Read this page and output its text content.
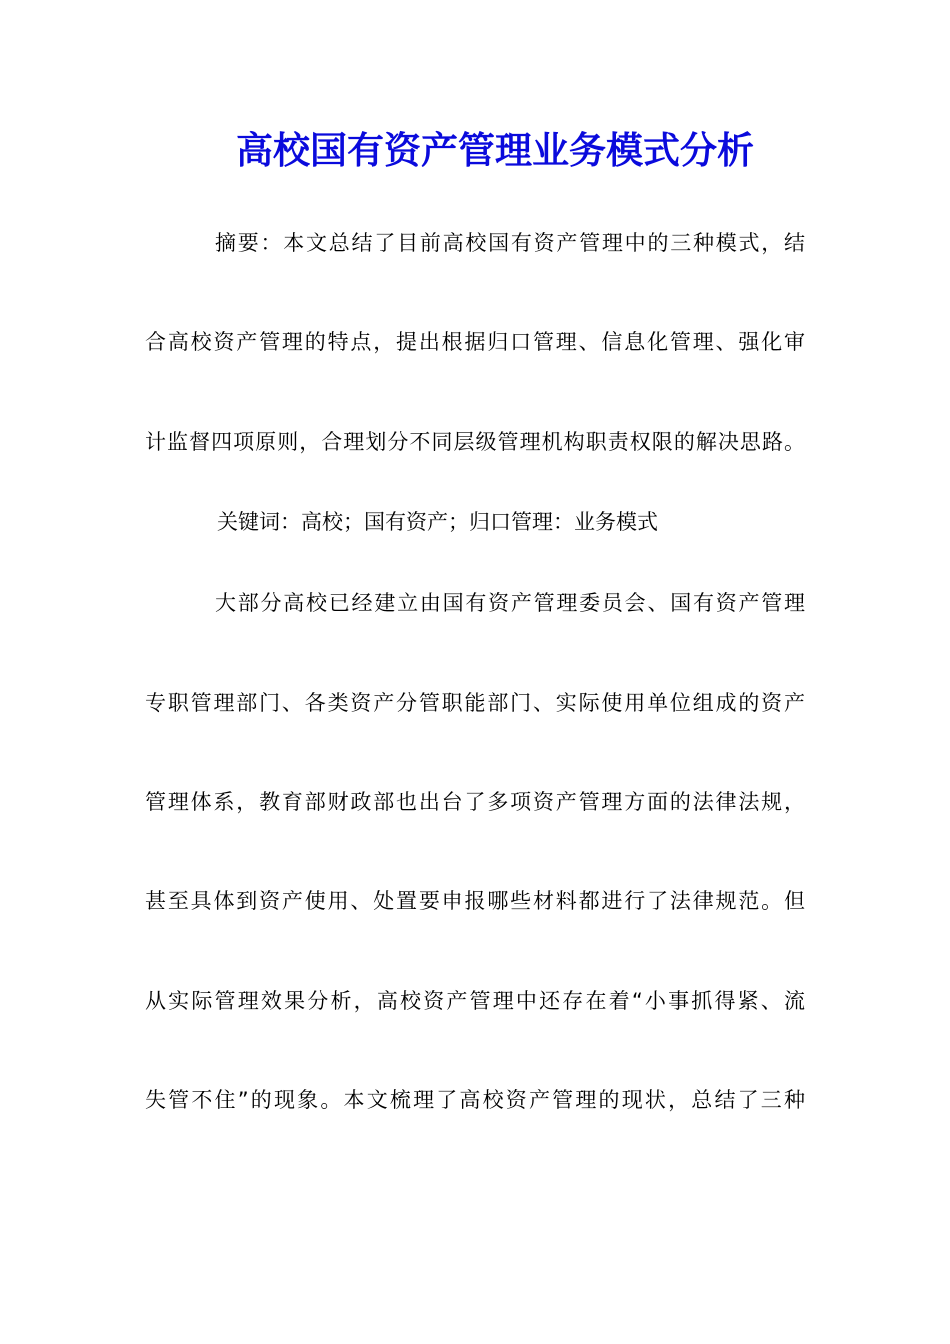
高校国有资产管理业务模式分析

摘要：本文总结了目前高校国有资产管理中的三种模式，结

合高校资产管理的特点，提出根据归口管理、信息化管理、强化审

计监督四项原则，合理划分不同层级管理机构职责权限的解决思路。

关键词：高校；国有资产；归口管理：业务模式

大部分高校已经建立由国有资产管理委员会、国有资产管理

专职管理部门、各类资产分管职能部门、实际使用单位组成的资产

管理体系，教育部财政部也出台了多项资产管理方面的法律法规，

甚至具体到资产使用、处置要申报哪些材料都进行了法律规范。但

从实际管理效果分析，高校资产管理中还存在着“小事抓得紧、流

失管不住”的现象。本文梳理了高校资产管理的现状，总结了三种
